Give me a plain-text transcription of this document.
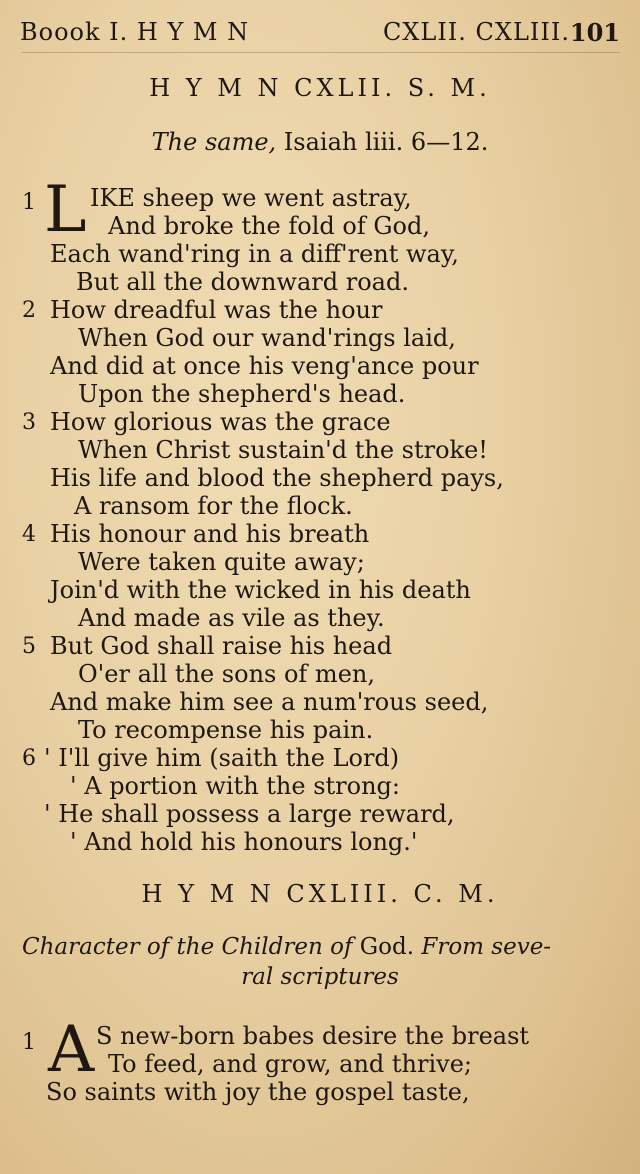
Boook I. H Y M N	CXLII. CXLIII. 101
H Y M N CXLII. S. M.
The same, Isaiah liii. 6—12.
1 L IKE sheep we went astray,
And broke the fold of God,
Each wand'ring in a diff'rent way,
But all the downward road.
2 How dreadful was the hour
When God our wand'rings laid,
And did at once his veng'ance pour
Upon the shepherd's head.
3 How glorious was the grace
When Christ sustain'd the stroke!
His life and blood the shepherd pays,
A ransom for the flock.
4 His honour and his breath
Were taken quite away;
Join'd with the wicked in his death
And made as vile as they.
5 But God shall raise his head
O'er all the sons of men,
And make him see a num'rous seed,
To recompense his pain.
6 ' I'll give him (saith the Lord)
' A portion with the strong:
' He shall possess a large reward,
' And hold his honours long.'
H Y M N CXLIII. C. M.
Character of the Children of God. From seve-
ral scriptures
1 A S new-born babes desire the breast
To feed, and grow, and thrive;
So saints with joy the gospel taste,
